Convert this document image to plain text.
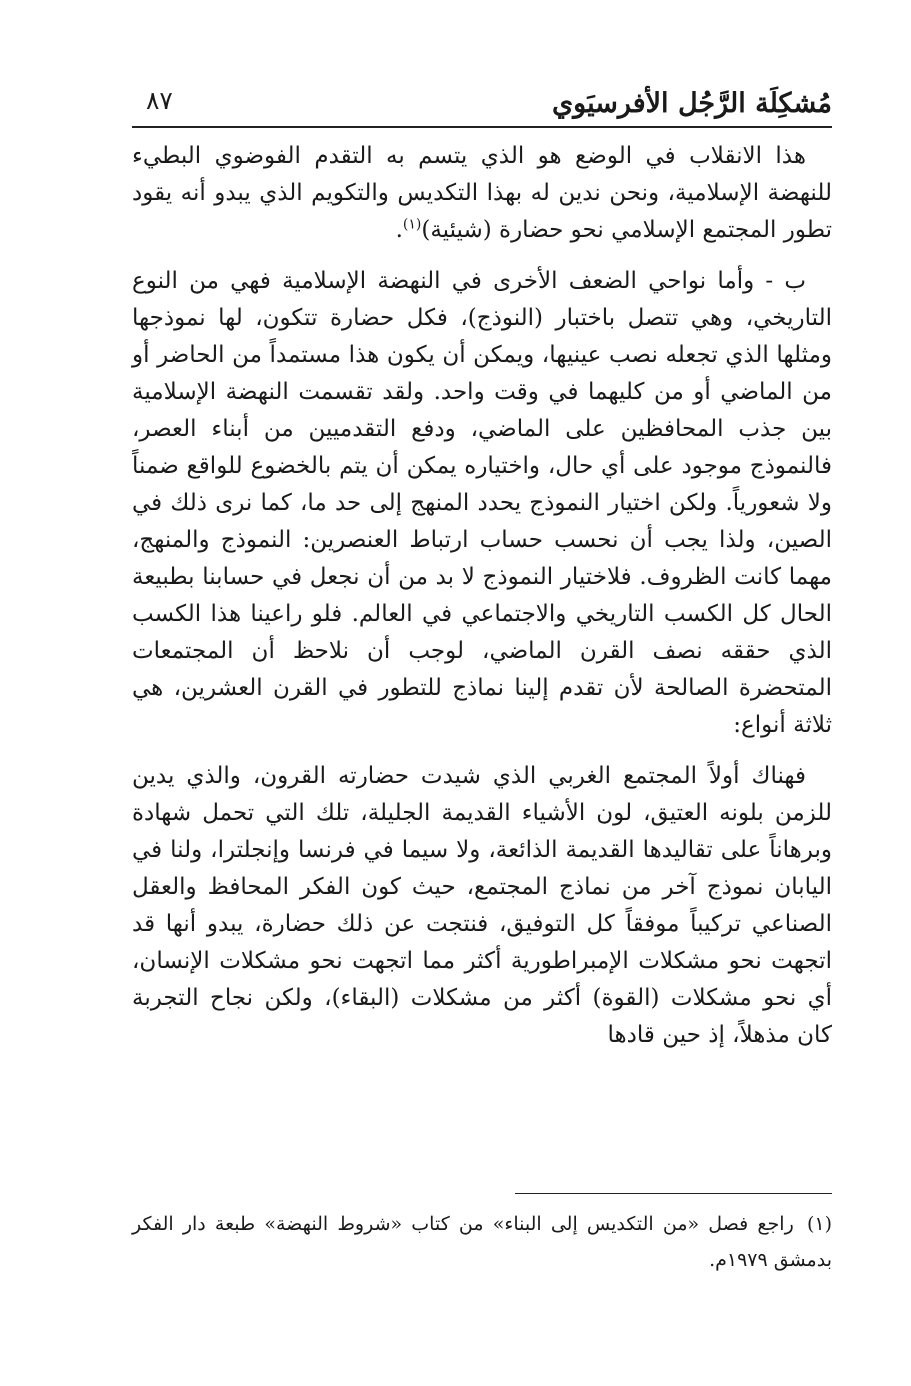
مُشكِلَة الرَّجُل الأفرسيَوي
٨٧

هذا الانقلاب في الوضع هو الذي يتسم به التقدم الفوضوي البطيء للنهضة الإسلامية، ونحن ندين له بهذا التكديس والتكويم الذي يبدو أنه يقود تطور المجتمع الإسلامي نحو حضارة (شيئية)$^{(١)}$.

ب - وأما نواحي الضعف الأخرى في النهضة الإسلامية فهي من النوع التاريخي، وهي تتصل باختبار (النوذج)، فكل حضارة تتكون، لها نموذجها ومثلها الذي تجعله نصب عينيها، ويمكن أن يكون هذا مستمداً من الحاضر أو من الماضي أو من كليهما في وقت واحد. ولقد تقسمت النهضة الإسلامية بين جذب المحافظين على الماضي، ودفع التقدميين من أبناء العصر، فالنموذج موجود على أي حال، واختياره يمكن أن يتم بالخضوع للواقع ضمناً ولا شعورياً. ولكن اختيار النموذج يحدد المنهج إلى حد ما، كما نرى ذلك في الصين، ولذا يجب أن نحسب حساب ارتباط العنصرين: النموذج والمنهج، مهما كانت الظروف. فلاختيار النموذج لا بد من أن نجعل في حسابنا بطبيعة الحال كل الكسب التاريخي والاجتماعي في العالم. فلو راعينا هذا الكسب الذي حققه نصف القرن الماضي، لوجب أن نلاحظ أن المجتمعات المتحضرة الصالحة لأن تقدم إلينا نماذج للتطور في القرن العشرين، هي ثلاثة أنواع:

فهناك أولاً المجتمع الغربي الذي شيدت حضارته القرون، والذي يدين للزمن بلونه العتيق، لون الأشياء القديمة الجليلة، تلك التي تحمل شهادة وبرهاناً على تقاليدها القديمة الذائعة، ولا سيما في فرنسا وإنجلترا، ولنا في اليابان نموذج آخر من نماذج المجتمع، حيث كون الفكر المحافظ والعقل الصناعي تركيباً موفقاً كل التوفيق، فنتجت عن ذلك حضارة، يبدو أنها قد اتجهت نحو مشكلات الإمبراطورية أكثر مما اتجهت نحو مشكلات الإنسان، أي نحو مشكلات (القوة) أكثر من مشكلات (البقاء)، ولكن نجاح التجربة كان مذهلاً، إذ حين قادها

(١) راجع فصل «من التكديس إلى البناء» من كتاب «شروط النهضة» طبعة دار الفكر بدمشق ١٩٧٩م.
